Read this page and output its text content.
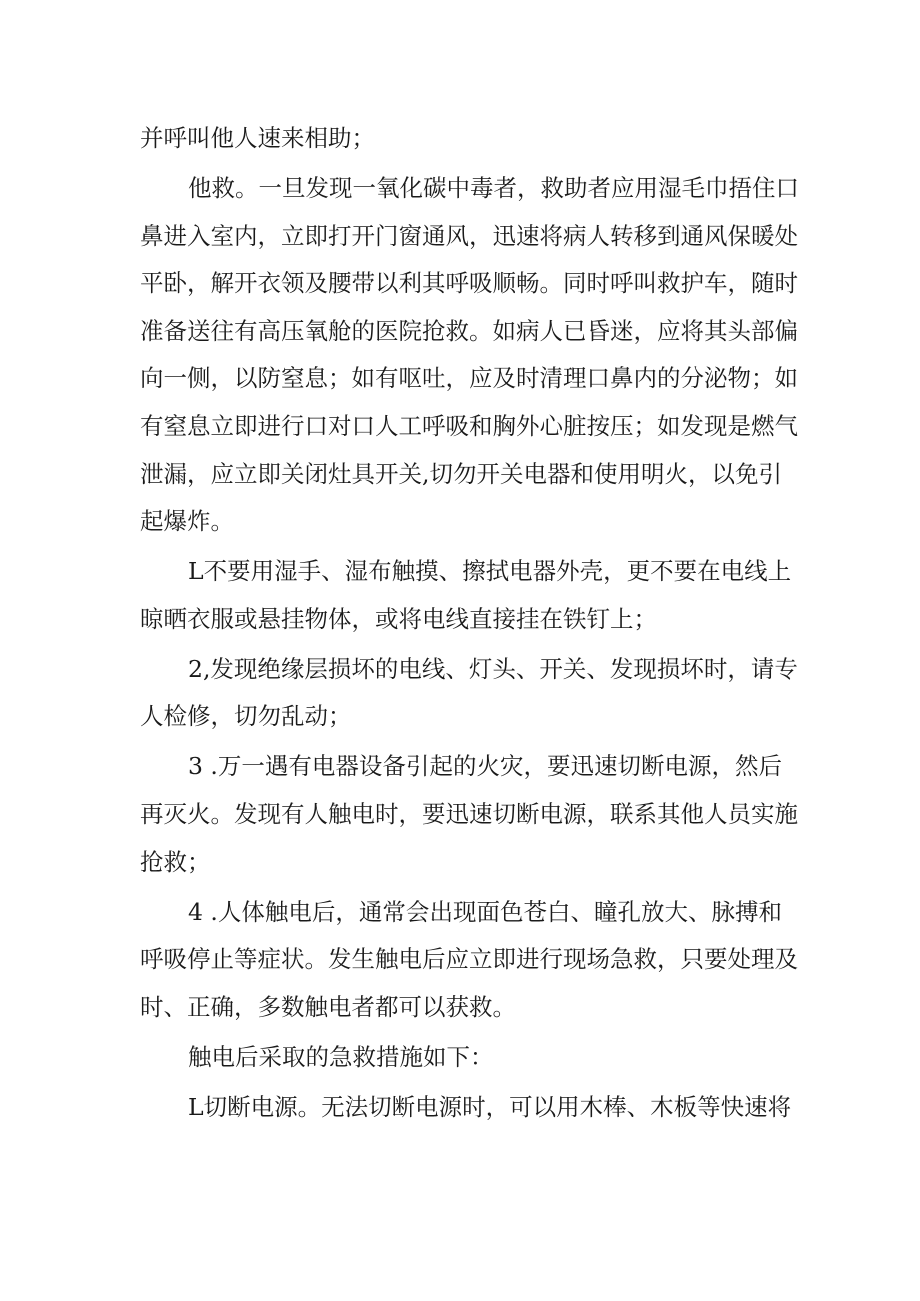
并呼叫他人速来相助；
他救。一旦发现一氧化碳中毒者，救助者应用湿毛巾捂住口
鼻进入室内，立即打开门窗通风，迅速将病人转移到通风保暖处
平卧，解开衣领及腰带以利其呼吸顺畅。同时呼叫救护车，随时
准备送往有高压氧舱的医院抢救。如病人已昏迷，应将其头部偏
向一侧，以防窒息；如有呕吐，应及时清理口鼻内的分泌物；如
有窒息立即进行口对口人工呼吸和胸外心脏按压；如发现是燃气
泄漏，应立即关闭灶具开关,切勿开关电器和使用明火，以免引
起爆炸。
L不要用湿手、湿布触摸、擦拭电器外壳，更不要在电线上
晾晒衣服或悬挂物体，或将电线直接挂在铁钉上；
2,发现绝缘层损坏的电线、灯头、开关、发现损坏时，请专
人检修，切勿乱动；
3 .万一遇有电器设备引起的火灾，要迅速切断电源，然后
再灭火。发现有人触电时，要迅速切断电源，联系其他人员实施
抢救；
4 .人体触电后，通常会出现面色苍白、瞳孔放大、脉搏和
呼吸停止等症状。发生触电后应立即进行现场急救，只要处理及
时、正确，多数触电者都可以获救。
触电后采取的急救措施如下：
L切断电源。无法切断电源时，可以用木棒、木板等快速将
